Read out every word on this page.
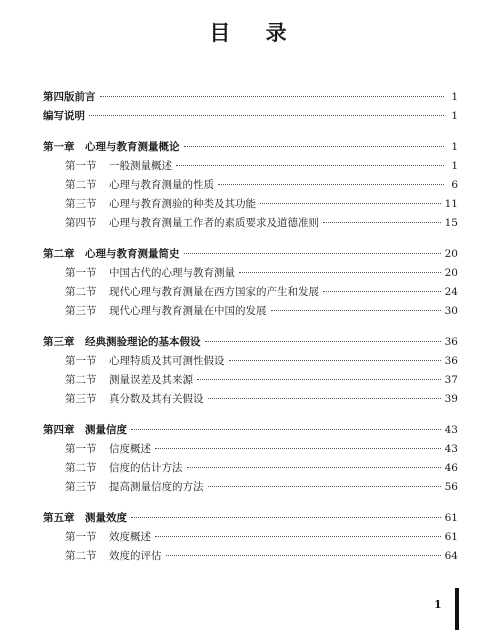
目 录
第四版前言	1
编写说明	1
第一章	心理与教育测量概论	1
第一节	一般测量概述	1
第二节	心理与教育测量的性质	6
第三节	心理与教育测验的种类及其功能	11
第四节	心理与教育测量工作者的素质要求及道德准则	15
第二章	心理与教育测量简史	20
第一节	中国古代的心理与教育测量	20
第二节	现代心理与教育测量在西方国家的产生和发展	24
第三节	现代心理与教育测量在中国的发展	30
第三章	经典测验理论的基本假设	36
第一节	心理特质及其可测性假设	36
第二节	测量误差及其来源	37
第三节	真分数及其有关假设	39
第四章	测量信度	43
第一节	信度概述	43
第二节	信度的估计方法	46
第三节	提高测量信度的方法	56
第五章	测量效度	61
第一节	效度概述	61
第二节	效度的评估	64
1
